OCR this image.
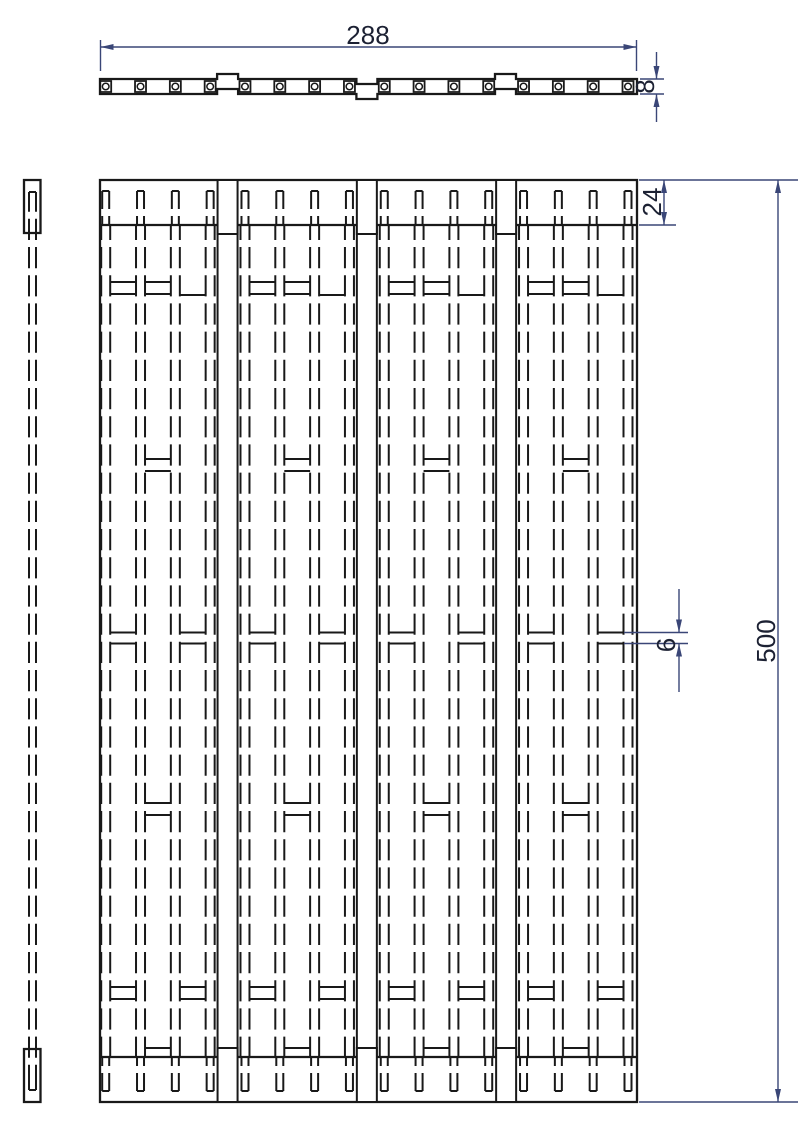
288
8
24
6	500
